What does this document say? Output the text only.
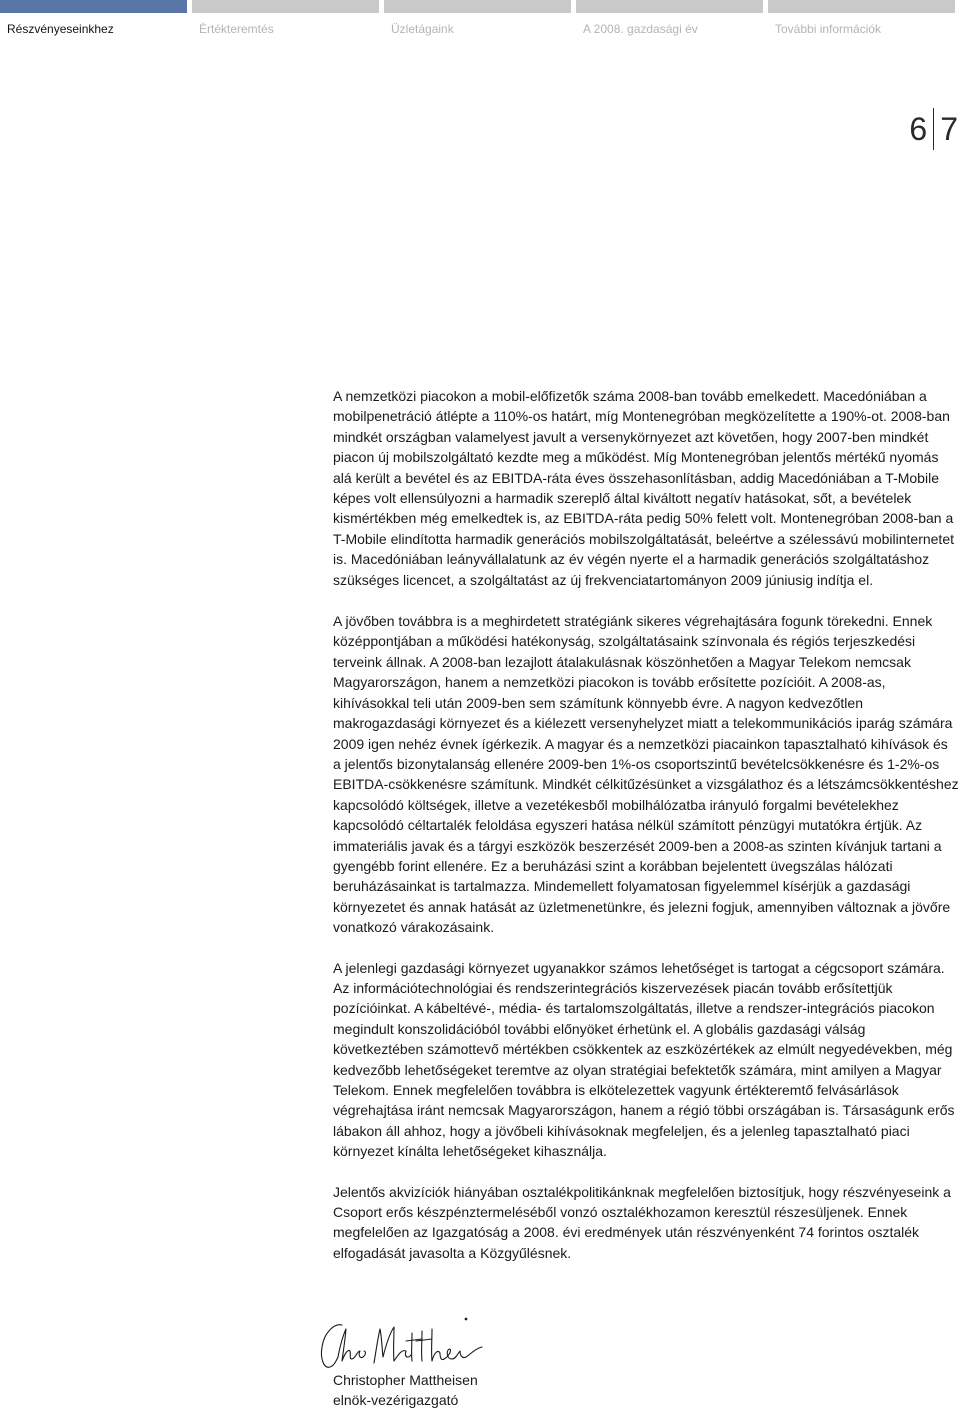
Részvényeseinkhez	Értékteremtés	Üzletágaink	A 2008. gazdasági év	További információk
6 7

A nemzetközi piacokon a mobil-előfizetők száma 2008-ban tovább emelkedett. Macedóniában a mobilpenetráció átlépte a 110%-os határt, míg Montenegróban megközelítette a 190%-ot. 2008-ban mindkét országban valamelyest javult a versenykörnyezet azt követően, hogy 2007-ben mindkét piacon új mobilszolgáltató kezdte meg a működést. Míg Montenegróban jelentős mértékű nyomás alá került a bevétel és az EBITDA-ráta éves összehasonlításban, addig Macedóniában a T-Mobile képes volt ellensúlyozni a harmadik szereplő által kiváltott negatív hatásokat, sőt, a bevételek kismértékben még emelkedtek is, az EBITDA-ráta pedig 50% felett volt. Montenegróban 2008-ban a T-Mobile elindította harmadik generációs mobilszolgáltatását, beleértve a szélessávú mobilinternetet is. Macedóniában leányvállalatunk az év végén nyerte el a harmadik generációs szolgáltatáshoz szükséges licencet, a szolgáltatást az új frekvenciatartományon 2009 júniusig indítja el.

A jövőben továbbra is a meghirdetett stratégiánk sikeres végrehajtására fogunk törekedni. Ennek középpontjában a működési hatékonyság, szolgáltatásaink színvonala és régiós terjeszkedési terveink állnak. A 2008-ban lezajlott átalakulásnak köszönhetően a Magyar Telekom nemcsak Magyarországon, hanem a nemzetközi piacokon is tovább erősítette pozícióit. A 2008-as, kihívásokkal teli után 2009-ben sem számítunk könnyebb évre. A nagyon kedvezőtlen makrogazdasági környezet és a kiélezett versenyhelyzet miatt a telekommunikációs iparág számára 2009 igen nehéz évnek ígérkezik. A magyar és a nemzetközi piacainkon tapasztalható kihívások és a jelentős bizonytalanság ellenére 2009-ben 1%-os csoportszintű bevételcsökkenésre és 1-2%-os EBITDA-csökkenésre számítunk. Mindkét célkitűzésünket a vizsgálathoz és a létszámcsökkentéshez kapcsolódó költségek, illetve a vezetékesből mobilhálózatba irányuló forgalmi bevételekhez kapcsolódó céltartalék feloldása egyszeri hatása nélkül számított pénzügyi mutatókra értjük. Az immateriális javak és a tárgyi eszközök beszerzését 2009-ben a 2008-as szinten kívánjuk tartani a gyengébb forint ellenére. Ez a beruházási szint a korábban bejelentett üvegszálas hálózati beruházásainkat is tartalmazza. Mindemellett folyamatosan figyelemmel kísérjük a gazdasági környezetet és annak hatását az üzletmenetünkre, és jelezni fogjuk, amennyiben változnak a jövőre vonatkozó várakozásaink.

A jelenlegi gazdasági környezet ugyanakkor számos lehetőséget is tartogat a cégcsoport számára. Az információtechnológiai és rendszerintegrációs kiszervezések piacán tovább erősítettjük pozícióinkat. A kábeltévé-, média- és tartalomszolgáltatás, illetve a rendszer-integrációs piacokon megindult konszolidációból további előnyöket érhetünk el. A globális gazdasági válság következtében számottevő mértékben csökkentek az eszközértékek az elmúlt negyedévekben, még kedvezőbb lehetőségeket teremtve az olyan stratégiai befektetők számára, mint amilyen a Magyar Telekom. Ennek megfelelően továbbra is elkötelezettek vagyunk értékteremtő felvásárlások végrehajtása iránt nemcsak Magyarországon, hanem a régió többi országában is. Társaságunk erős lábakon áll ahhoz, hogy a jövőbeli kihívásoknak megfeleljen, és a jelenleg tapasztalható piaci környezet kínálta lehetőségeket kihasználja.

Jelentős akvizíciók hiányában osztalékpolitikánknak megfelelően biztosítjuk, hogy részvényeseink a Csoport erős készpénztermeléséből vonzó osztalékhozamon keresztül részesüljenek. Ennek megfelelően az Igazgatóság a 2008. évi eredmények után részvényenként 74 forintos osztalék elfogadását javasolta a Közgyűlésnek.

Christopher Mattheisen
elnök-vezérigazgató
